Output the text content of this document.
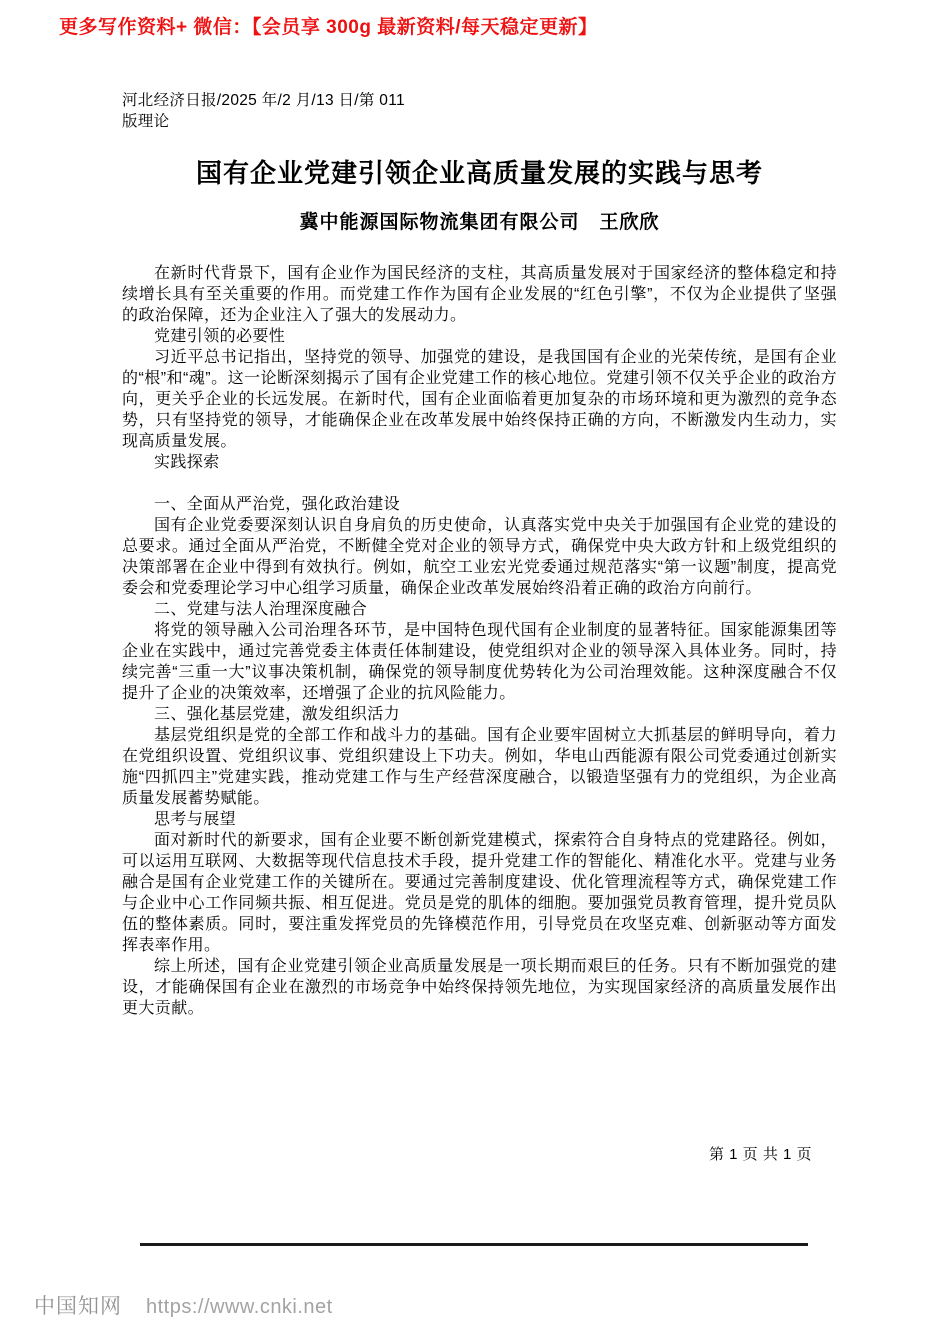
更多写作资料+ 微信：【会员享 300g 最新资料/每天稳定更新】
河北经济日报/2025 年/2 月/13 日/第 011
版理论
国有企业党建引领企业高质量发展的实践与思考
冀中能源国际物流集团有限公司　王欣欣

在新时代背景下，国有企业作为国民经济的支柱，其高质量发展对于国家经济的整体稳定和持续增长具有至关重要的作用。而党建工作作为国有企业发展的“红色引擎”，不仅为企业提供了坚强的政治保障，还为企业注入了强大的发展动力。

党建引领的必要性

习近平总书记指出，坚持党的领导、加强党的建设，是我国国有企业的光荣传统，是国有企业的“根”和“魂”。这一论断深刻揭示了国有企业党建工作的核心地位。党建引领不仅关乎企业的政治方向，更关乎企业的长远发展。在新时代，国有企业面临着更加复杂的市场环境和更为激烈的竞争态势，只有坚持党的领导，才能确保企业在改革发展中始终保持正确的方向，不断激发内生动力，实现高质量发展。

实践探索

一、全面从严治党，强化政治建设

国有企业党委要深刻认识自身肩负的历史使命，认真落实党中央关于加强国有企业党的建设的总要求。通过全面从严治党，不断健全党对企业的领导方式，确保党中央大政方针和上级党组织的决策部署在企业中得到有效执行。例如，航空工业宏光党委通过规范落实“第一议题”制度，提高党委会和党委理论学习中心组学习质量，确保企业改革发展始终沿着正确的政治方向前行。

二、党建与法人治理深度融合

将党的领导融入公司治理各环节，是中国特色现代国有企业制度的显著特征。国家能源集团等企业在实践中，通过完善党委主体责任体制建设，使党组织对企业的领导深入具体业务。同时，持续完善“三重一大”议事决策机制，确保党的领导制度优势转化为公司治理效能。这种深度融合不仅提升了企业的决策效率，还增强了企业的抗风险能力。

三、强化基层党建，激发组织活力

基层党组织是党的全部工作和战斗力的基础。国有企业要牢固树立大抓基层的鲜明导向，着力在党组织设置、党组织议事、党组织建设上下功夫。例如，华电山西能源有限公司党委通过创新实施“四抓四主”党建实践，推动党建工作与生产经营深度融合，以锻造坚强有力的党组织，为企业高质量发展蓄势赋能。

思考与展望

面对新时代的新要求，国有企业要不断创新党建模式，探索符合自身特点的党建路径。例如，可以运用互联网、大数据等现代信息技术手段，提升党建工作的智能化、精准化水平。党建与业务融合是国有企业党建工作的关键所在。要通过完善制度建设、优化管理流程等方式，确保党建工作与企业中心工作同频共振、相互促进。党员是党的肌体的细胞。要加强党员教育管理，提升党员队伍的整体素质。同时，要注重发挥党员的先锋模范作用，引导党员在攻坚克难、创新驱动等方面发挥表率作用。

综上所述，国有企业党建引领企业高质量发展是一项长期而艰巨的任务。只有不断加强党的建设，才能确保国有企业在激烈的市场竞争中始终保持领先地位，为实现国家经济的高质量发展作出更大贡献。

第 1 页 共 1 页
中国知网 https://www.cnki.net
